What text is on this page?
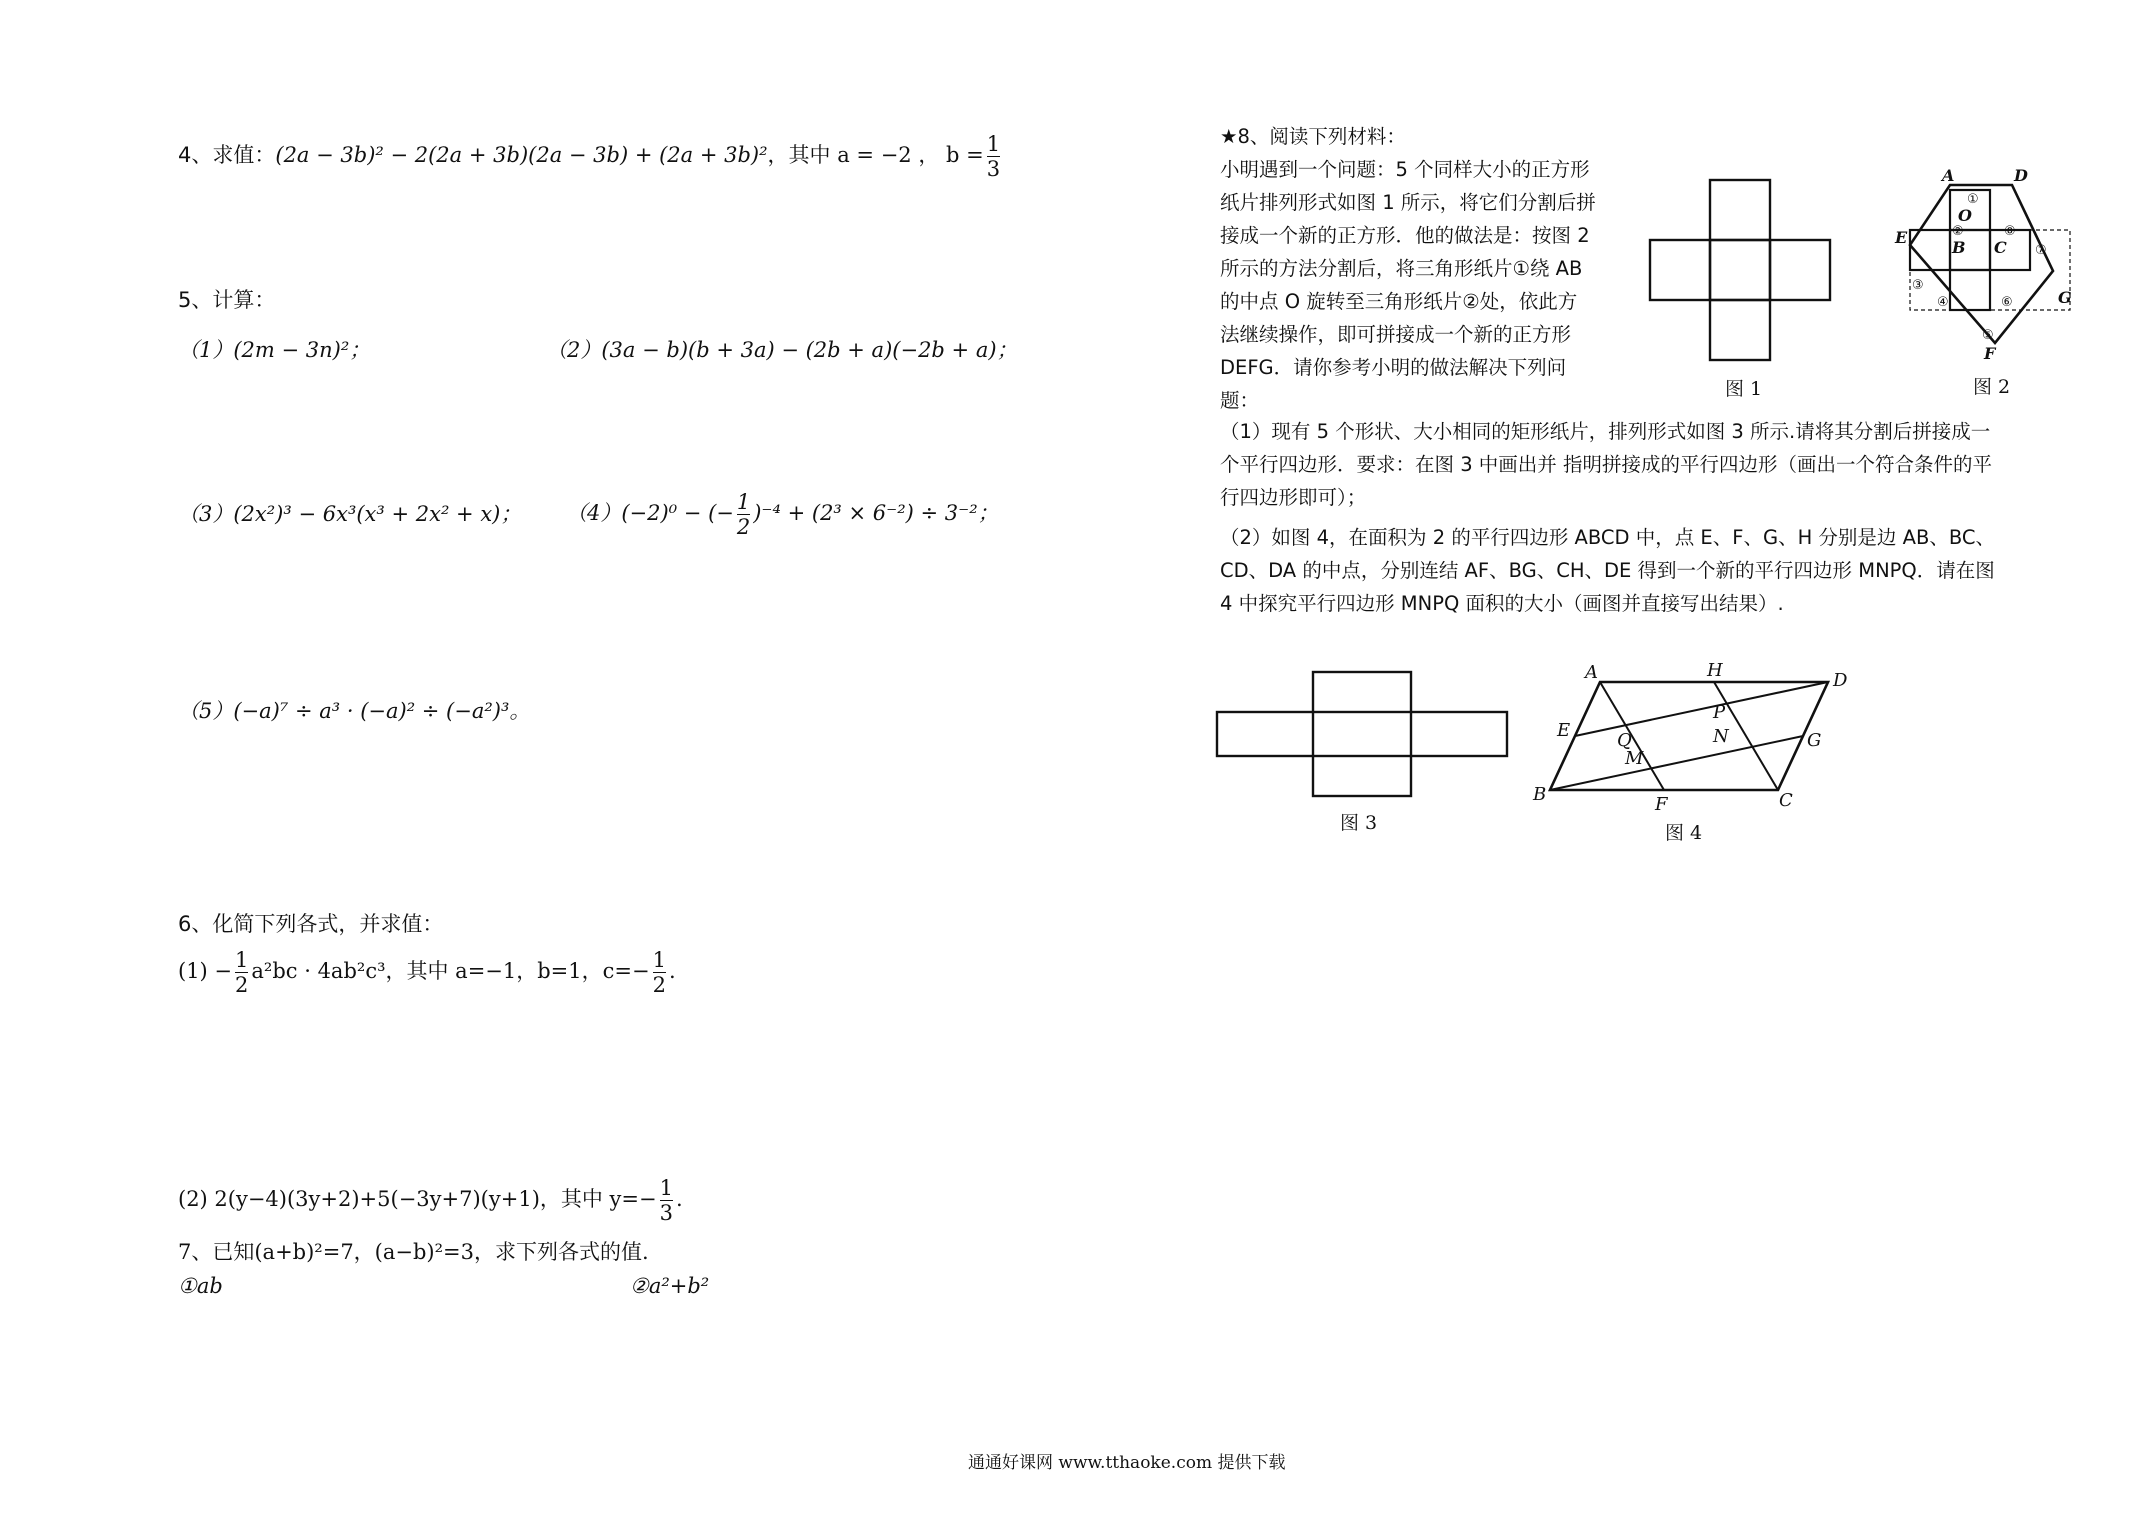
4、求值：(2a − 3b)² − 2(2a + 3b)(2a − 3b) + (2a + 3b)²，其中 a = −2 ， $b = \frac{1}{3}$
5、计算：
（1）(2m − 3n)²；	（2）(3a − b)(b + 3a) − (2b + a)(−2b + a)；
（3）(2x²)³ − 6x³(x³ + 2x² + x)； （4）(−2)⁰ − (− $\frac{1}{2} )^{-4} + (2^3 \times 6^{-2}) \div 3^{-2}$；
（5）(−a)⁷ ÷ a³ · (−a)² ÷ (−a²)³。
6、化简下列各式，并求值：
$(1) - \frac{1}{2} a^2bc \cdot 4ab^2c^3$，其中 a=−1，b=1，$c=- \frac{1}{2}$ .
(2) 2(y−4)(3y+2)+5(−3y+7)(y+1)，其中 $y=- \frac{1}{3}$ .
7、已知(a+b)²=7，(a−b)²=3，求下列各式的值.
①ab	②a²+b²
★8、阅读下列材料：
小明遇到一个问题：5 个同样大小的正方形
纸片排列形式如图 1 所示，将它们分割后拼
接成一个新的正方形．他的做法是：按图 2
所示的方法分割后，将三角形纸片①绕 AB
的中点 O 旋转至三角形纸片②处，依此方
法继续操作，即可拼接成一个新的正方形
DEFG．请你参考小明的做法解决下列问
题：
（1）现有 5 个形状、大小相同的矩形纸片，排列形式如图 3 所示.请将其分割后拼接成一
个平行四边形．要求：在图 3 中画出并 指明拼接成的平行四边形（画出一个符合条件的平
行四边形即可）；
（2）如图 4，在面积为 2 的平行四边形 ABCD 中，点 E、F、G、H 分别是边 AB、BC、
CD、DA 的中点，分别连结 AF、BG、CH、DE 得到一个新的平行四边形 MNPQ．请在图
4 中探究平行四边形 MNPQ 面积的大小（画图并直接写出结果）.
图 1
A	D
O
E
B C
G
F
①
②
③
④
⑤
⑥
⑦
⑧
图 2
图 3
A	H	D
P
E	N	G
Q
M
B	F	C
图 4
通通好课网 www.tthaoke.com 提供下载
